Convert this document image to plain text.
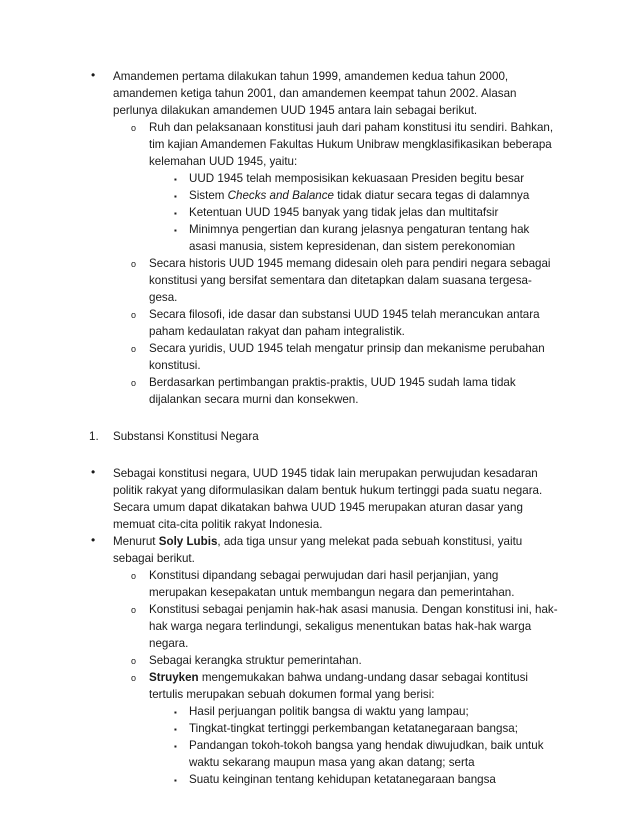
• Amandemen pertama dilakukan tahun 1999, amandemen kedua tahun 2000,
amandemen ketiga tahun 2001, dan amandemen keempat tahun 2002. Alasan
perlunya dilakukan amandemen UUD 1945 antara lain sebagai berikut.
o Ruh dan pelaksanaan konstitusi jauh dari paham konstitusi itu sendiri. Bahkan,
tim kajian Amandemen Fakultas Hukum Unibraw mengklasifikasikan beberapa
kelemahan UUD 1945, yaitu:
▪ UUD 1945 telah memposisikan kekuasaan Presiden begitu besar
▪ Sistem Checks and Balance tidak diatur secara tegas di dalamnya
▪ Ketentuan UUD 1945 banyak yang tidak jelas dan multitafsir
▪ Minimnya pengertian dan kurang jelasnya pengaturan tentang hak
asasi manusia, sistem kepresidenan, dan sistem perekonomian
o Secara historis UUD 1945 memang didesain oleh para pendiri negara sebagai
konstitusi yang bersifat sementara dan ditetapkan dalam suasana tergesa-
gesa.
o Secara filosofi, ide dasar dan substansi UUD 1945 telah merancukan antara
paham kedaulatan rakyat dan paham integralistik.
o Secara yuridis, UUD 1945 telah mengatur prinsip dan mekanisme perubahan
konstitusi.
o Berdasarkan pertimbangan praktis-praktis, UUD 1945 sudah lama tidak
dijalankan secara murni dan konsekwen.
1. Substansi Konstitusi Negara
• Sebagai konstitusi negara, UUD 1945 tidak lain merupakan perwujudan kesadaran
politik rakyat yang diformulasikan dalam bentuk hukum tertinggi pada suatu negara.
Secara umum dapat dikatakan bahwa UUD 1945 merupakan aturan dasar yang
memuat cita-cita politik rakyat Indonesia.
• Menurut Soly Lubis, ada tiga unsur yang melekat pada sebuah konstitusi, yaitu
sebagai berikut.
o Konstitusi dipandang sebagai perwujudan dari hasil perjanjian, yang
merupakan kesepakatan untuk membangun negara dan pemerintahan.
o Konstitusi sebagai penjamin hak-hak asasi manusia. Dengan konstitusi ini, hak-
hak warga negara terlindungi, sekaligus menentukan batas hak-hak warga
negara.
o Sebagai kerangka struktur pemerintahan.
o Struyken mengemukakan bahwa undang-undang dasar sebagai kontitusi
tertulis merupakan sebuah dokumen formal yang berisi:
▪ Hasil perjuangan politik bangsa di waktu yang lampau;
▪ Tingkat-tingkat tertinggi perkembangan ketatanegaraan bangsa;
▪ Pandangan tokoh-tokoh bangsa yang hendak diwujudkan, baik untuk
waktu sekarang maupun masa yang akan datang; serta
▪ Suatu keinginan tentang kehidupan ketatanegaraan bangsa
